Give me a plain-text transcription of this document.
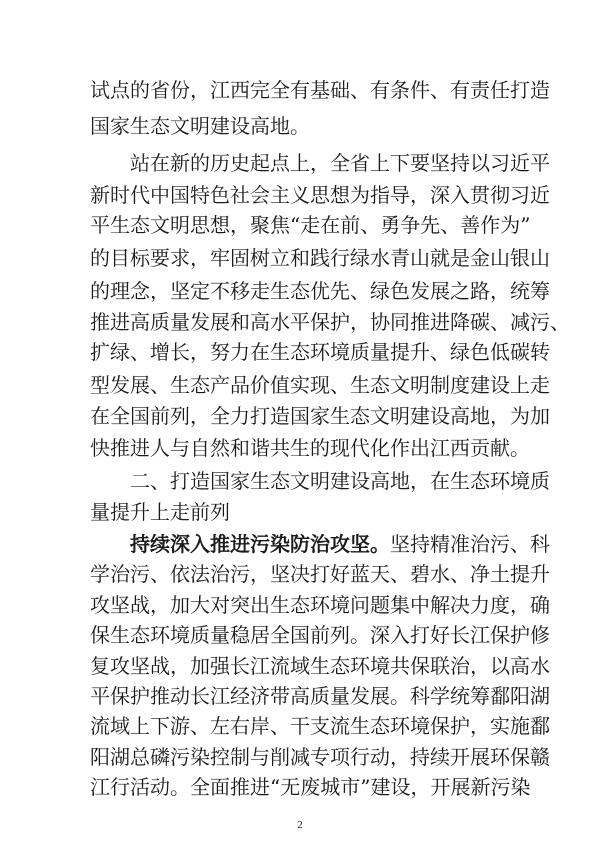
试点的省份，江西完全有基础、有条件、有责任打造
国家生态文明建设高地。
站在新的历史起点上，全省上下要坚持以习近平
新时代中国特色社会主义思想为指导，深入贯彻习近
平生态文明思想，聚焦“走在前、勇争先、善作为”
的目标要求，牢固树立和践行绿水青山就是金山银山
的理念，坚定不移走生态优先、绿色发展之路，统筹
推进高质量发展和高水平保护，协同推进降碳、减污、
扩绿、增长，努力在生态环境质量提升、绿色低碳转
型发展、生态产品价值实现、生态文明制度建设上走
在全国前列，全力打造国家生态文明建设高地，为加
快推进人与自然和谐共生的现代化作出江西贡献。
二、打造国家生态文明建设高地，在生态环境质
量提升上走前列
持续深入推进污染防治攻坚。坚持精准治污、科
2
学治污、依法治污，坚决打好蓝天、碧水、净土提升
攻坚战，加大对突出生态环境问题集中解决力度，确
保生态环境质量稳居全国前列。深入打好长江保护修
复攻坚战，加强长江流域生态环境共保联治，以高水
平保护推动长江经济带高质量发展。科学统筹鄱阳湖
流域上下游、左右岸、干支流生态环境保护，实施鄱
阳湖总磷污染控制与削减专项行动，持续开展环保赣
江行活动。全面推进“无废城市”建设，开展新污染
